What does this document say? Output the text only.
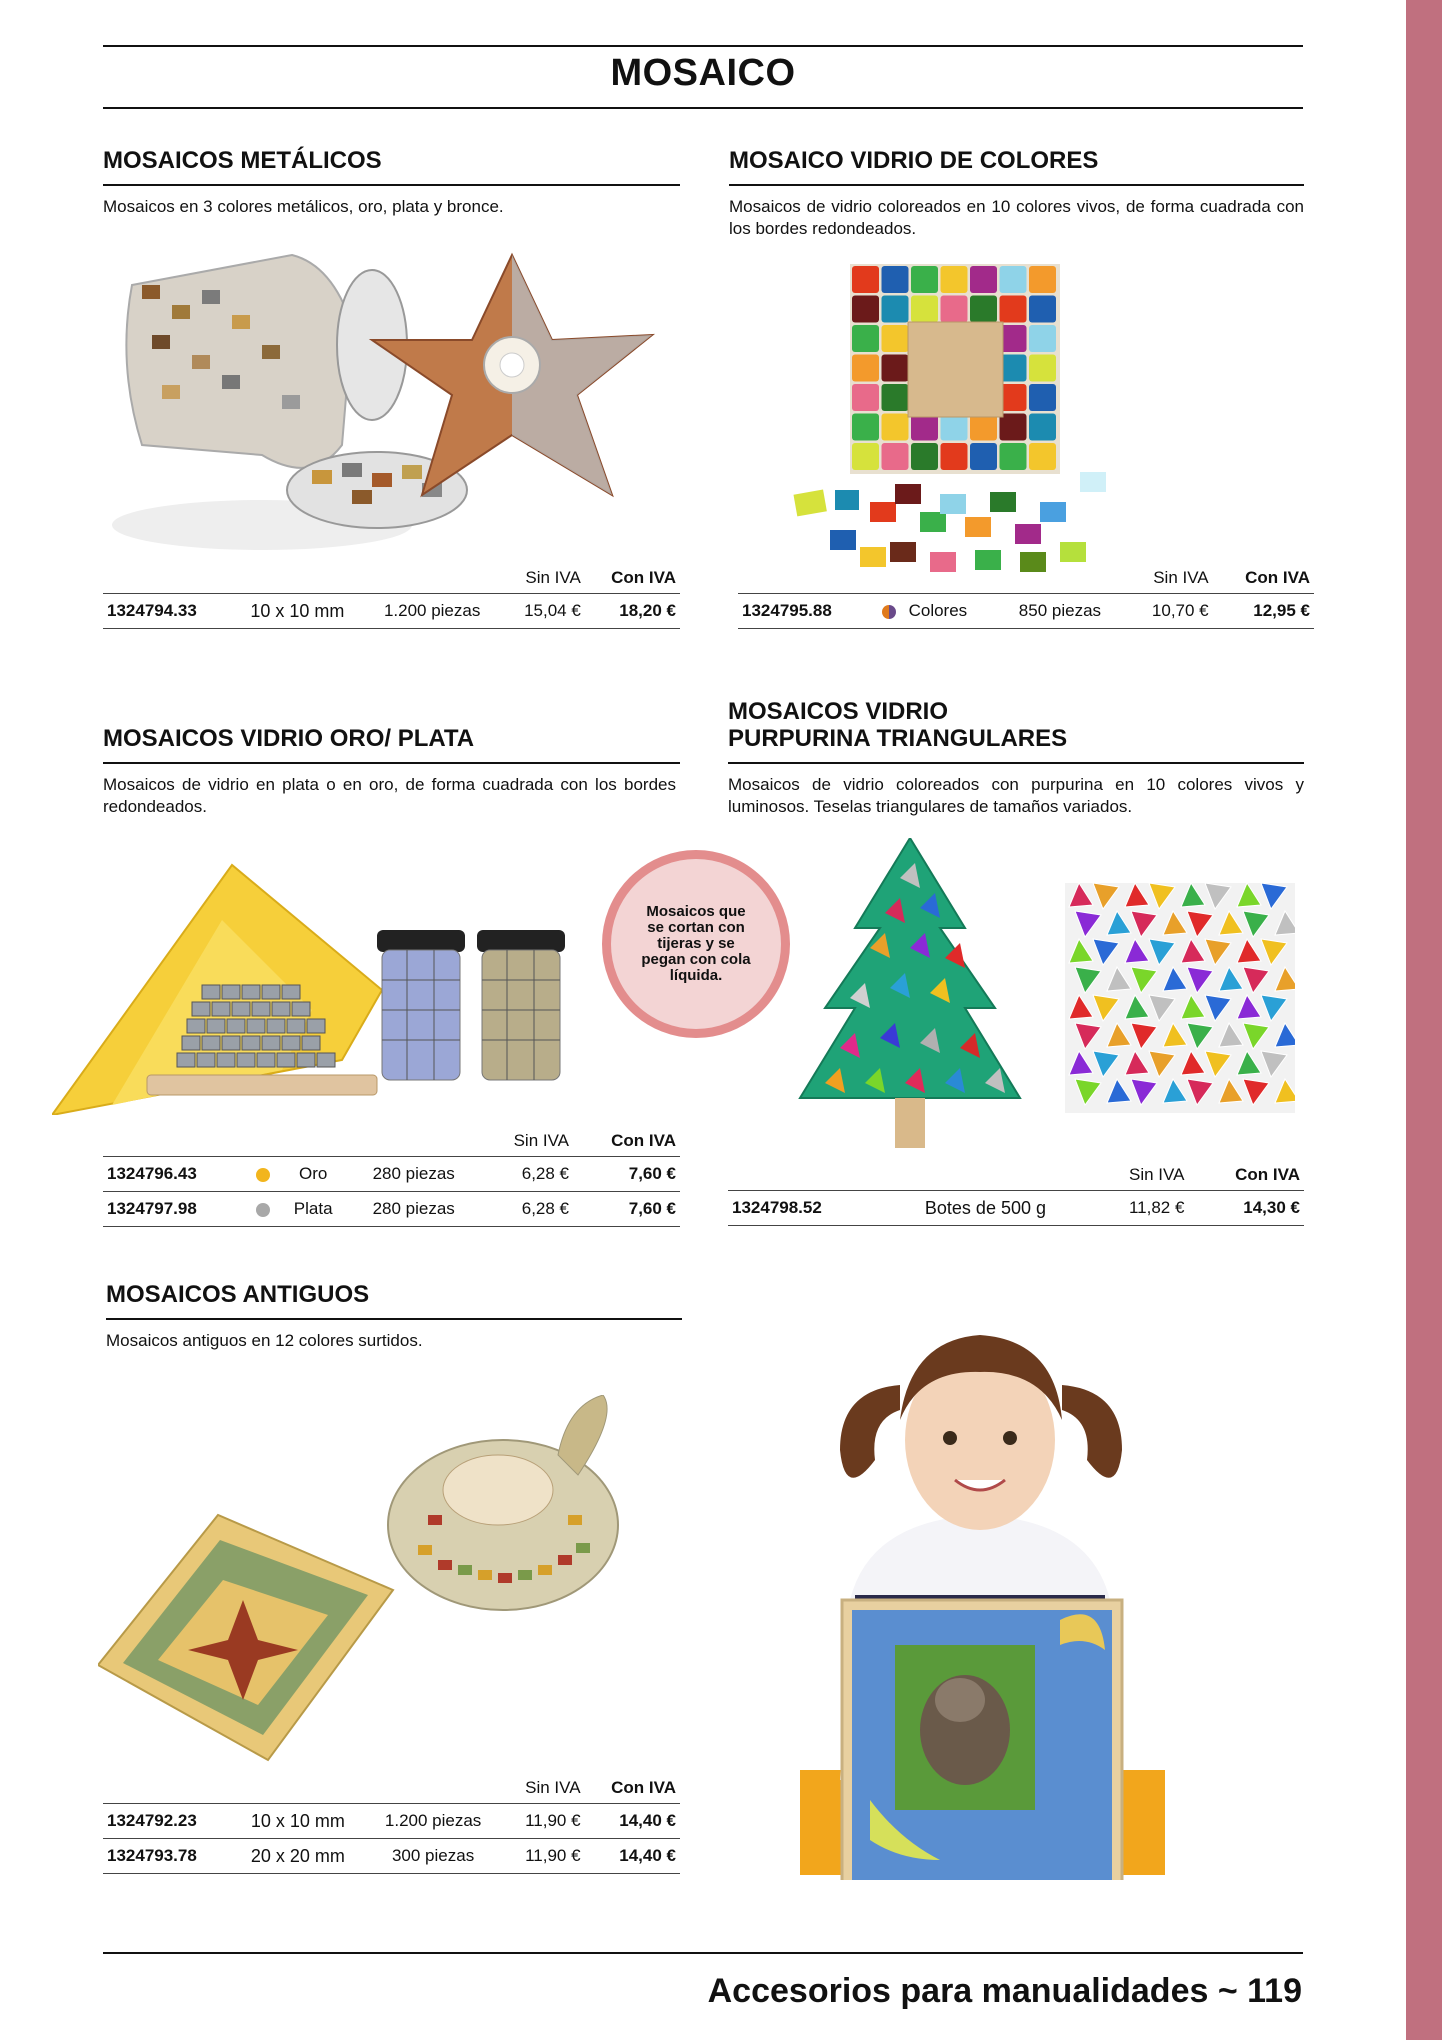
MOSAICO
MOSAICOS METÁLICOS
Mosaicos en 3 colores metálicos, oro, plata y bronce.
			Sin IVA	Con IVA
1324794.33	10 x 10 mm	1.200 piezas	15,04 €	18,20 €
MOSAICO VIDRIO DE COLORES
Mosaicos de vidrio coloreados en 10 colores vivos, de forma cuadrada con los bordes redondeados.
				Sin IVA	Con IVA
1324795.88		Colores	850 piezas	10,70 €	12,95 €
MOSAICOS VIDRIO ORO/ PLATA
Mosaicos de vidrio en plata o en oro, de forma cuadrada con los bordes redondeados.
				Sin IVA	Con IVA
1324796.43		Oro	280 piezas	6,28 €	7,60 €
1324797.98		Plata	280 piezas	6,28 €	7,60 €
Mosaicos que se cortan con tijeras y se pegan con cola líquida.
MOSAICOS VIDRIO
PURPURINA TRIANGULARES
Mosaicos de vidrio coloreados con purpurina en 10 colores vivos y luminosos. Teselas triangulares de tamaños variados.
		Sin IVA	Con IVA
1324798.52	Botes de 500 g	11,82 €	14,30 €
MOSAICOS ANTIGUOS
Mosaicos antiguos en 12 colores surtidos.
			Sin IVA	Con IVA
1324792.23	10 x 10 mm	1.200 piezas	11,90 €	14,40 €
1324793.78	20 x 20 mm	300 piezas	11,90 €	14,40 €
Accesorios para manualidades ~ 119
